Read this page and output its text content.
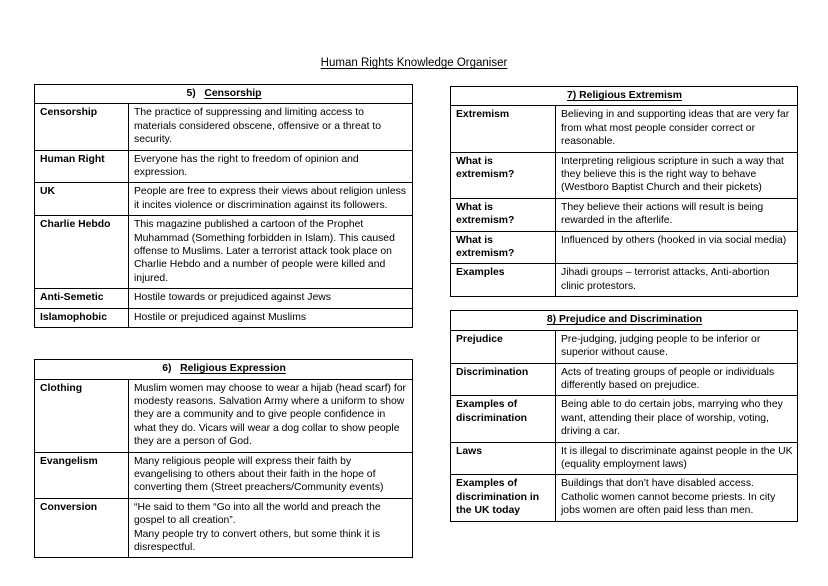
Human Rights Knowledge Organiser
5) Censorship	
Censorship	The practice of suppressing and limiting access to materials considered obscene, offensive or a threat to security.
Human Right	Everyone has the right to freedom of opinion and expression.
UK	People are free to express their views about religion unless it incites violence or discrimination against its followers.
Charlie Hebdo	This magazine published a cartoon of the Prophet Muhammad (Something forbidden in Islam). This caused offense to Muslims. Later a terrorist attack took place on Charlie Hebdo and a number of people were killed and injured.
Anti-Semetic	Hostile towards or prejudiced against Jews
Islamophobic	Hostile or prejudiced against Muslims
6) Religious Expression	
Clothing	Muslim women may choose to wear a hijab (head scarf) for modesty reasons. Salvation Army where a uniform to show they are a community and to give people confidence in what they do. Vicars will wear a dog collar to show people they are a person of God.
Evangelism	Many religious people will express their faith by evangelising to others about their faith in the hope of converting them (Street preachers/Community events)
Conversion	“He said to them “Go into all the world and preach the gospel to all creation”.
Many people try to convert others, but some think it is disrespectful.
7) Religious Extremism	
Extremism	Believing in and supporting ideas that are very far from what most people consider correct or reasonable.
What is extremism?	Interpreting religious scripture in such a way that they believe this is the right way to behave (Westboro Baptist Church and their pickets)
What is extremism?	They believe their actions will result is being rewarded in the afterlife.
What is extremism?	Influenced by others (hooked in via social media)
Examples	Jihadi groups – terrorist attacks, Anti-abortion clinic protestors.
8) Prejudice and Discrimination	
Prejudice	Pre-judging, judging people to be inferior or superior without cause.
Discrimination	Acts of treating groups of people or individuals differently based on prejudice.
Examples of discrimination	Being able to do certain jobs, marrying who they want, attending their place of worship, voting, driving a car.
Laws	It is illegal to discriminate against people in the UK (equality employment laws)
Examples of discrimination in the UK today	Buildings that don’t have disabled access. Catholic women cannot become priests. In city jobs women are often paid less than men.
